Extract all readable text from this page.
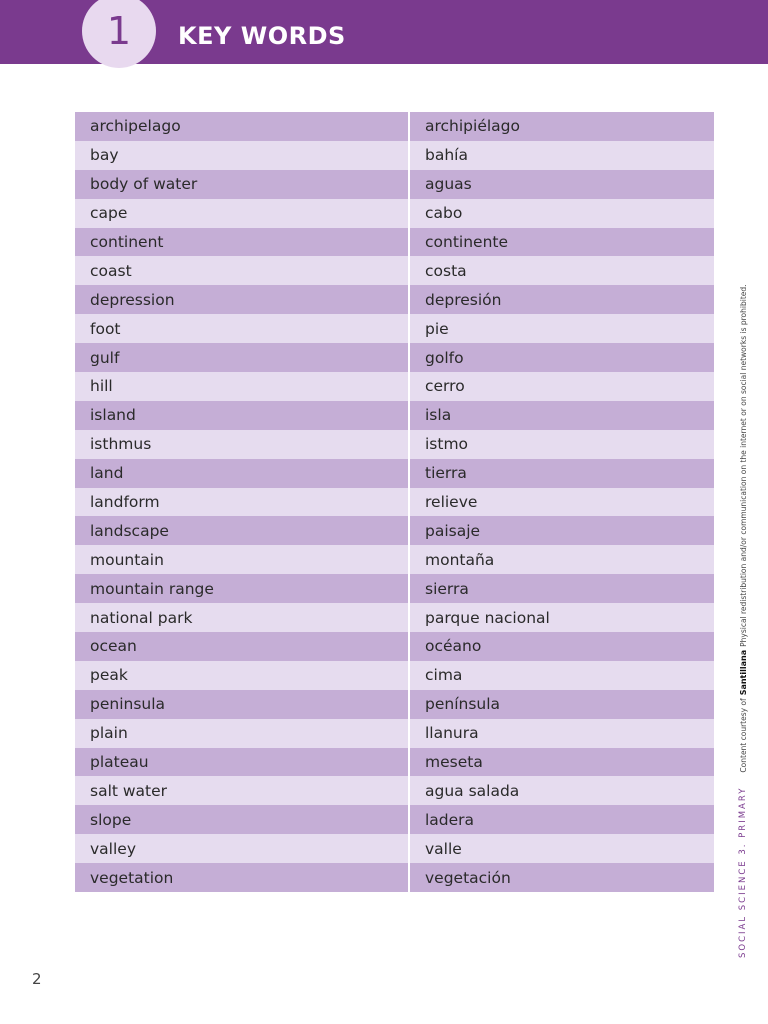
1	KEY WORDS
archipelago	archipiélago
bay	bahía
body of water	aguas
cape	cabo
continent	continente
coast	costa
depression	depresión
foot	pie
gulf	golfo
hill	cerro
island	isla
isthmus	istmo
land	tierra
landform	relieve
landscape	paisaje
mountain	montaña
mountain range	sierra
national park	parque nacional
ocean	océano
peak	cima
peninsula	península
plain	llanura
plateau	meseta
salt water	agua salada
slope	ladera
valley	valle
vegetation	vegetación
2
SOCIAL SCIENCE 3. PRIMARY
Content courtesy of
Santillana
Physical redistribution and/or communication on the internet or on social networks is prohibited.
